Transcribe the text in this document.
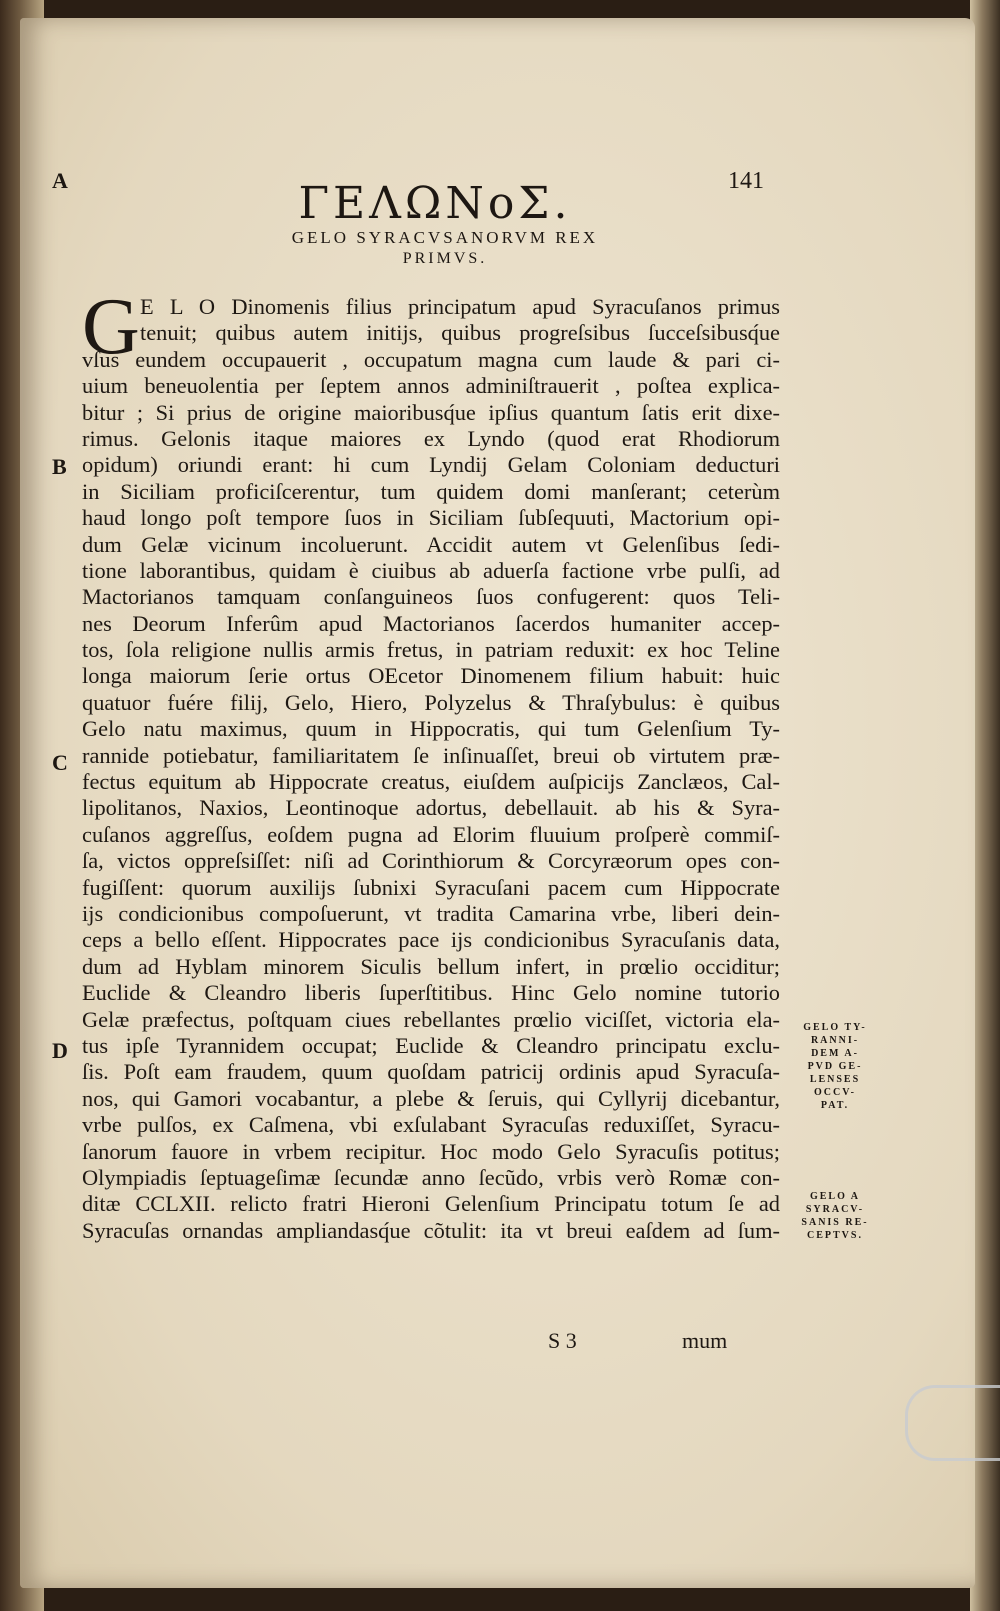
ΓΕΛΩΝοΣ.	141
GELO SYRACVSANORVM REX
PRIMVS.
A
B
C
D
G E L O Dinomenis filius principatum apud Syracuſanos primus
tenuit; quibus autem initijs, quibus progreſsibus ſucceſsibusq́ue
vſus eundem occupauerit , occupatum magna cum laude & pari ci-
uium beneuolentia per ſeptem annos adminiſtrauerit , poſtea explica-
bitur ; Si prius de origine maioribusq́ue ipſius quantum ſatis erit dixe-
rimus. Gelonis itaque maiores ex Lyndo (quod erat Rhodiorum
opidum) oriundi erant: hi cum Lyndij Gelam Coloniam deducturi
in Siciliam proficiſcerentur, tum quidem domi manſerant; ceterùm
haud longo poſt tempore ſuos in Siciliam ſubſequuti, Mactorium opi-
dum Gelæ vicinum incoluerunt. Accidit autem vt Gelenſibus ſedi-
tione laborantibus, quidam è ciuibus ab aduerſa factione vrbe pulſi, ad
Mactorianos tamquam conſanguineos ſuos confugerent: quos Teli-
nes Deorum Inferûm apud Mactorianos ſacerdos humaniter accep-
tos, ſola religione nullis armis fretus, in patriam reduxit: ex hoc Teline
longa maiorum ſerie ortus OEcetor Dinomenem filium habuit: huic
quatuor fuére filij, Gelo, Hiero, Polyzelus & Thraſybulus: è quibus
Gelo natu maximus, quum in Hippocratis, qui tum Gelenſium Ty-
rannide potiebatur, familiaritatem ſe inſinuaſſet, breui ob virtutem præ-
fectus equitum ab Hippocrate creatus, eiuſdem auſpicijs Zanclæos, Cal-
lipolitanos, Naxios, Leontinoque adortus, debellauit. ab his & Syra-
cuſanos aggreſſus, eoſdem pugna ad Elorim fluuium proſperè commiſ-
ſa, victos oppreſsiſſet: niſi ad Corinthiorum & Corcyræorum opes con-
fugiſſent: quorum auxilijs ſubnixi Syracuſani pacem cum Hippocrate
ijs condicionibus compoſuerunt, vt tradita Camarina vrbe, liberi dein-
ceps a bello eſſent. Hippocrates pace ijs condicionibus Syracuſanis data,
dum ad Hyblam minorem Siculis bellum infert, in prœlio occiditur;
Euclide & Cleandro liberis ſuperſtitibus. Hinc Gelo nomine tutorio
Gelæ præfectus, poſtquam ciues rebellantes prœlio viciſſet, victoria ela-
tus ipſe Tyrannidem occupat; Euclide & Cleandro principatu exclu-
ſis. Poſt eam fraudem, quum quoſdam patricij ordinis apud Syracuſa-
nos, qui Gamori vocabantur, a plebe & ſeruis, qui Cyllyrij dicebantur,
vrbe pulſos, ex Caſmena, vbi exſulabant Syracuſas reduxiſſet, Syracu-
ſanorum fauore in vrbem recipitur. Hoc modo Gelo Syracuſis potitus;
Olympiadis ſeptuageſimæ ſecundæ anno ſecũdo, vrbis verò Romæ con-
ditæ CCLXII. relicto fratri Hieroni Gelenſium Principatu totum ſe ad
Syracuſas ornandas ampliandasq́ue cõtulit: ita vt breui eaſdem ad ſum-
GELO TY-
RANNI-
DEM A-
PVD GE-
LENSES
OCCV-
PAT.
GELO A
SYRACV-
SANIS RE-
CEPTVS.
S 3	mum
